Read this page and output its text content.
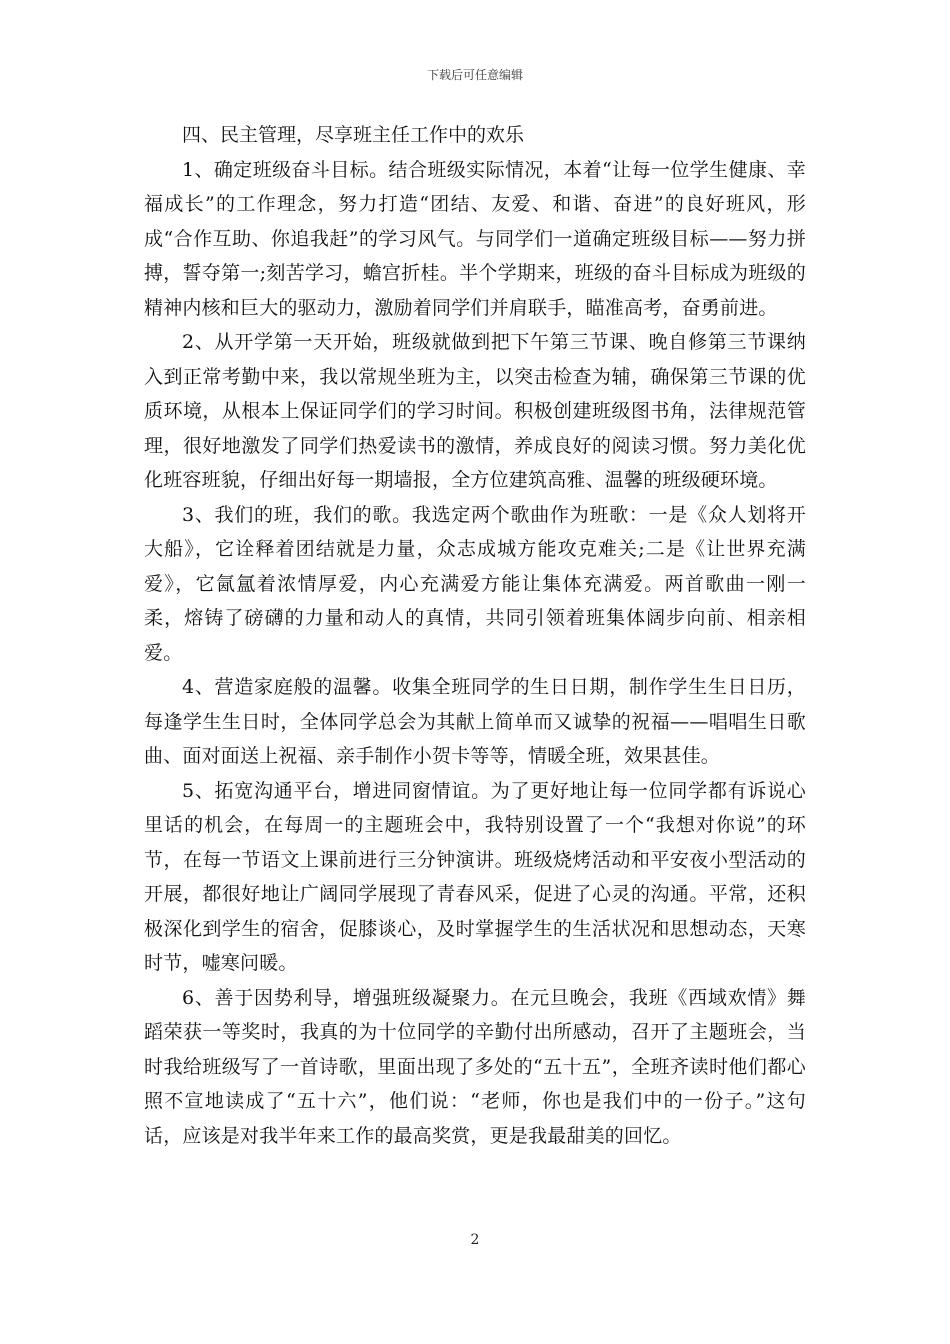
下载后可任意编辑

四、民主管理，尽享班主任工作中的欢乐

1、确定班级奋斗目标。结合班级实际情况，本着“让每一位学生健康、幸福成长”的工作理念，努力打造“团结、友爱、和谐、奋进”的良好班风，形成“合作互助、你追我赶”的学习风气。与同学们一道确定班级目标——努力拼搏，誓夺第一;刻苦学习，蟾宫折桂。半个学期来，班级的奋斗目标成为班级的精神内核和巨大的驱动力，激励着同学们并肩联手，瞄准高考，奋勇前进。

2、从开学第一天开始，班级就做到把下午第三节课、晚自修第三节课纳入到正常考勤中来，我以常规坐班为主，以突击检查为辅，确保第三节课的优质环境，从根本上保证同学们的学习时间。积极创建班级图书角，法律规范管理，很好地激发了同学们热爱读书的激情，养成良好的阅读习惯。努力美化优化班容班貌，仔细出好每一期墙报，全方位建筑高雅、温馨的班级硬环境。

3、我们的班，我们的歌。我选定两个歌曲作为班歌：一是《众人划将开大船》，它诠释着团结就是力量，众志成城方能攻克难关;二是《让世界充满爱》，它氤氲着浓情厚爱，内心充满爱方能让集体充满爱。两首歌曲一刚一柔，熔铸了磅礴的力量和动人的真情，共同引领着班集体阔步向前、相亲相爱。

4、营造家庭般的温馨。收集全班同学的生日日期，制作学生生日日历，每逢学生生日时，全体同学总会为其献上简单而又诚挚的祝福——唱唱生日歌曲、面对面送上祝福、亲手制作小贺卡等等，情暖全班，效果甚佳。

5、拓宽沟通平台，增进同窗情谊。为了更好地让每一位同学都有诉说心里话的机会，在每周一的主题班会中，我特别设置了一个“我想对你说”的环节，在每一节语文上课前进行三分钟演讲。班级烧烤活动和平安夜小型活动的开展，都很好地让广阔同学展现了青春风采，促进了心灵的沟通。平常，还积极深化到学生的宿舍，促膝谈心，及时掌握学生的生活状况和思想动态，天寒时节，嘘寒问暖。

6、善于因势利导，增强班级凝聚力。在元旦晚会，我班《西域欢情》舞蹈荣获一等奖时，我真的为十位同学的辛勤付出所感动，召开了主题班会，当时我给班级写了一首诗歌，里面出现了多处的“五十五”，全班齐读时他们都心照不宣地读成了“五十六”，他们说：“老师，你也是我们中的一份子。”这句话，应该是对我半年来工作的最高奖赏，更是我最甜美的回忆。

2
